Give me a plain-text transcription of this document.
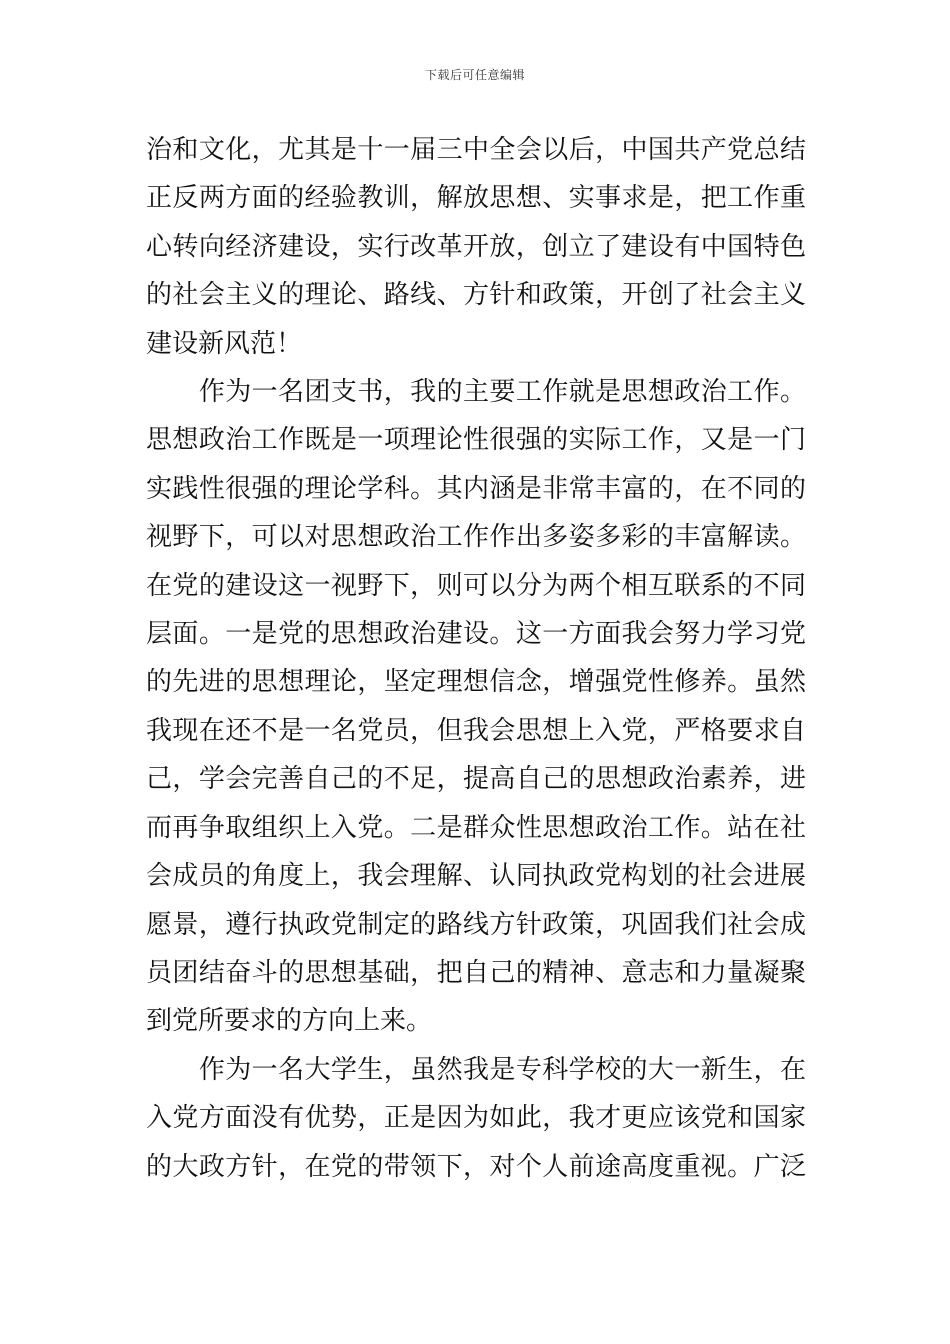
下载后可任意编辑

治和文化，尤其是十一届三中全会以后，中国共产党总结
正反两方面的经验教训，解放思想、实事求是，把工作重
心转向经济建设，实行改革开放，创立了建设有中国特色
的社会主义的理论、路线、方针和政策，开创了社会主义
建设新风范！

　　作为一名团支书，我的主要工作就是思想政治工作。
思想政治工作既是一项理论性很强的实际工作，又是一门
实践性很强的理论学科。其内涵是非常丰富的，在不同的
视野下，可以对思想政治工作作出多姿多彩的丰富解读。
在党的建设这一视野下，则可以分为两个相互联系的不同
层面。一是党的思想政治建设。这一方面我会努力学习党
的先进的思想理论，坚定理想信念，增强党性修养。虽然
我现在还不是一名党员，但我会思想上入党，严格要求自
己，学会完善自己的不足，提高自己的思想政治素养，进
而再争取组织上入党。二是群众性思想政治工作。站在社
会成员的角度上，我会理解、认同执政党构划的社会进展
愿景，遵行执政党制定的路线方针政策，巩固我们社会成
员团结奋斗的思想基础，把自己的精神、意志和力量凝聚
到党所要求的方向上来。

　　作为一名大学生，虽然我是专科学校的大一新生，在
入党方面没有优势，正是因为如此，我才更应该党和国家
的大政方针，在党的带领下，对个人前途高度重视。广泛
